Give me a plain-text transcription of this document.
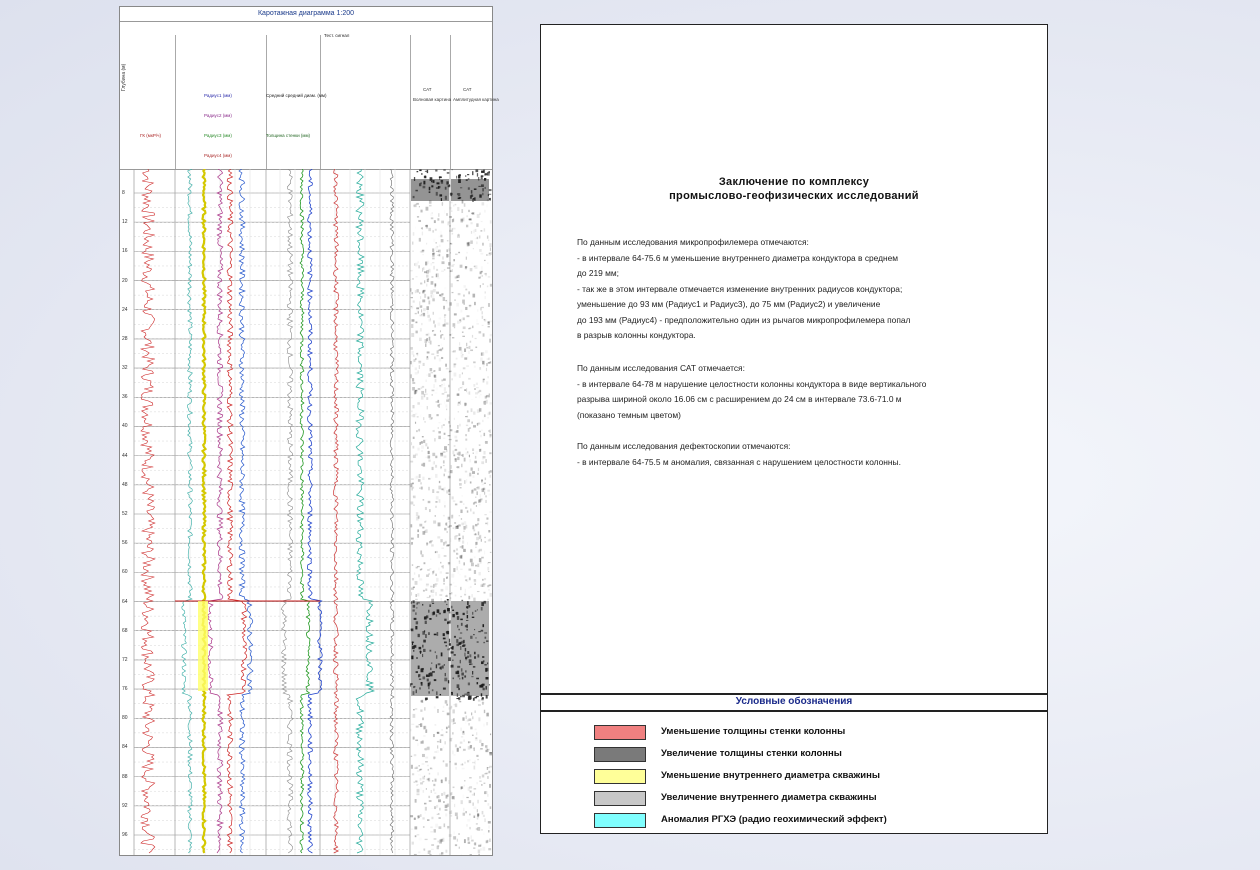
Каротажная диаграмма 1:200
Глубина (м)
Радиус1 (мм)
Радиус2 (мм)
Радиус3 (мм)
Радиус4 (мм)
ГК (мкР/ч)
Средний средний диам. (мм)
Толщина стенки (мм)
Тест. сигнал
САТ	САТ
Волновая картина Амплитудная картина
8
12
16
20
24
28
32
36
40
44
48
52
56
60
64
68
72
76
80
84
88
92
96
Заключение по комплексу
промыслово-геофизических исследований
По данным исследования микропрофилемера отмечаются:
- в интервале 64-75.6 м уменьшение внутреннего диаметра кондуктора в среднем
до 219 мм;
- так же в этом интервале отмечается изменение внутренних радиусов кондуктора;
уменьшение до 93 мм (Радиус1 и Радиус3), до 75 мм (Радиус2) и увеличение
до 193 мм (Радиус4) - предположительно один из рычагов микропрофилемера попал
в разрыв колонны кондуктора.
По данным исследования САТ отмечается:
- в интервале 64-78 м нарушение целостности колонны кондуктора в виде вертикального
разрыва шириной около 16.06 см с расширением до 24 см в интервале 73.6-71.0 м
(показано темным цветом)
По данным исследования дефектоскопии отмечаются:
- в интервале 64-75.5 м аномалия, связанная с нарушением целостности колонны.
Условные обозначения
Уменьшение толщины стенки колонны
Увеличение толщины стенки колонны
Уменьшение внутреннего диаметра скважины
Увеличение внутреннего диаметра скважины
Аномалия РГХЭ (радио геохимический эффект)
